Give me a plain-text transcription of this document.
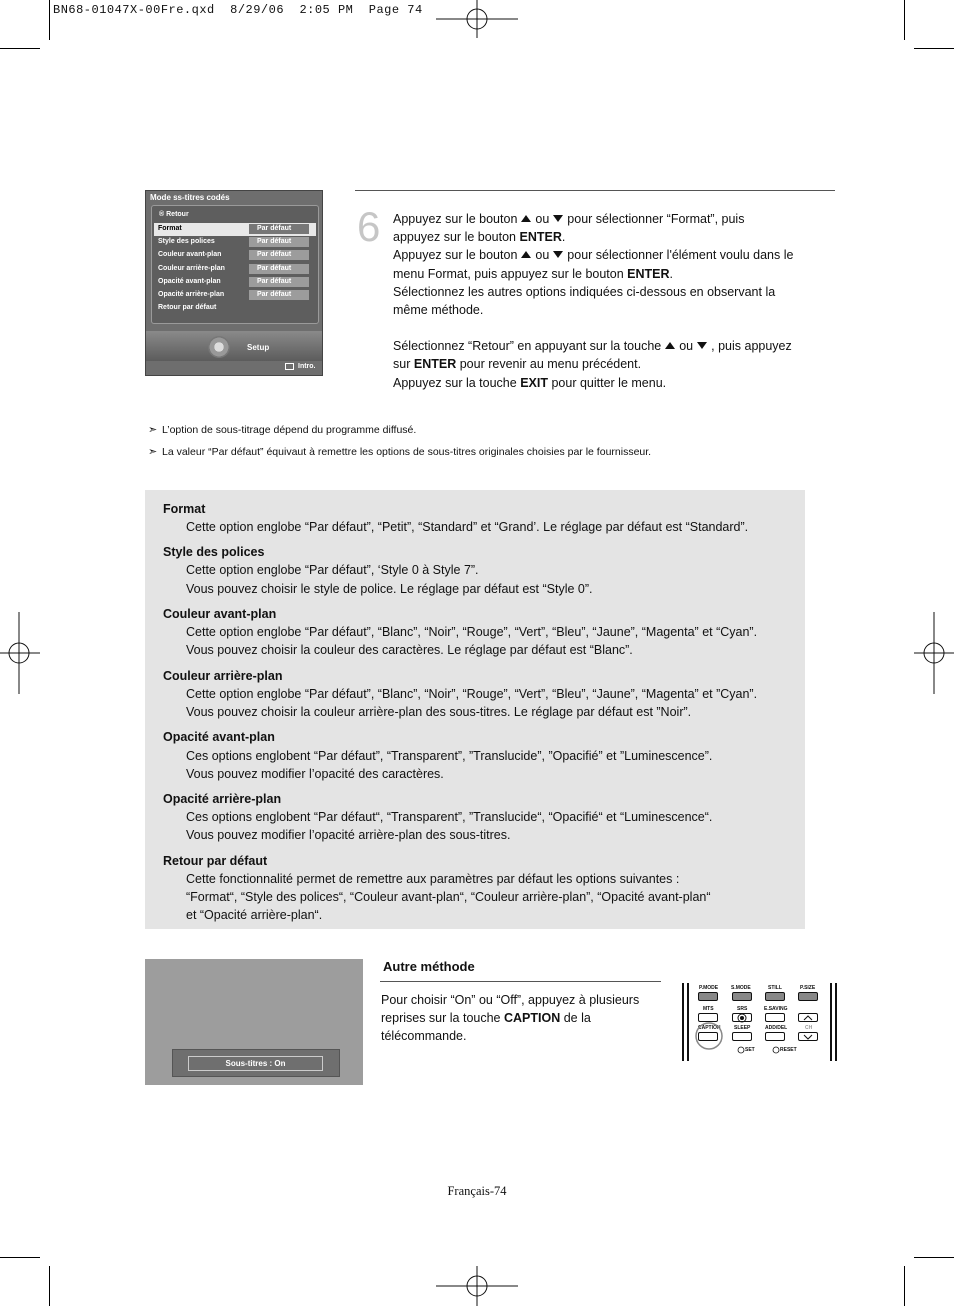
BN68-01047X-00Fre.qxd  8/29/06  2:05 PM  Page 74
Mode ss-titres codés
® Retour
Format	Par défaut
Style des polices	Par défaut
Couleur avant-plan	Par défaut
Couleur arrière-plan	Par défaut
Opacité avant-plan	Par défaut
Opacité arrière-plan	Par défaut
Retour par défaut
Setup
Intro.
6 Appuyez sur le bouton ou pour sélectionner “Format”, puis

appuyez sur le bouton ENTER.

Appuyez sur le bouton ou pour sélectionner l'élément voulu dans le

menu Format, puis appuyez sur le bouton ENTER.

Sélectionnez les autres options indiquées ci-dessous en observant la

même méthode.

Sélectionnez “Retour” en appuyant sur la touche ou , puis appuyez

sur ENTER pour revenir au menu précédent.

Appuyez sur la touche EXIT pour quitter le menu.

➣ L’option de sous-titrage dépend du programme diffusé.
➣ La valeur “Par défaut” équivaut à remettre les options de sous-titres originales choisies par le fournisseur.
Format
Cette option englobe “Par défaut”, “Petit”, “Standard” et “Grand’. Le réglage par défaut est “Standard”.
Style des polices
Cette option englobe “Par défaut”, ‘Style 0 à Style 7”.
Vous pouvez choisir le style de police. Le réglage par défaut est “Style 0”.
Couleur avant-plan
Cette option englobe “Par défaut”, “Blanc”, “Noir”, “Rouge”, “Vert”, “Bleu”, “Jaune”, “Magenta” et “Cyan”.
Vous pouvez choisir la couleur des caractères. Le réglage par défaut est “Blanc”.
Couleur arrière-plan
Cette option englobe “Par défaut”, “Blanc”, “Noir”, “Rouge”, “Vert”, “Bleu”, “Jaune”, “Magenta” et ”Cyan”.
Vous pouvez choisir la couleur arrière-plan des sous-titres. Le réglage par défaut est ”Noir”.
Opacité avant-plan
Ces options englobent “Par défaut”, “Transparent”, ”Translucide”, ”Opacifié” et ”Luminescence”.
Vous pouvez modifier l’opacité des caractères.
Opacité arrière-plan
Ces options englobent “Par défaut“, “Transparent”, ”Translucide“, “Opacifié“ et “Luminescence“.
Vous pouvez modifier l’opacité arrière-plan des sous-titres.
Retour par défaut
Cette fonctionnalité permet de remettre aux paramètres par défaut les options suivantes :
“Format“, “Style des polices“, “Couleur avant-plan“, “Couleur arrière-plan”, “Opacité avant-plan“
et “Opacité arrière-plan“.
Sous-titres : On
Autre méthode
Pour choisir “On” ou “Off”, appuyez à plusieurs
reprises sur la touche CAPTION de la
télécommande.
P.MODE	S.MODE	STILL	P.SIZE
MTS	SRS	E.SAVING
CAPTION	SLEEP	ADD/DEL	CH
SET	RESET
Français-74
